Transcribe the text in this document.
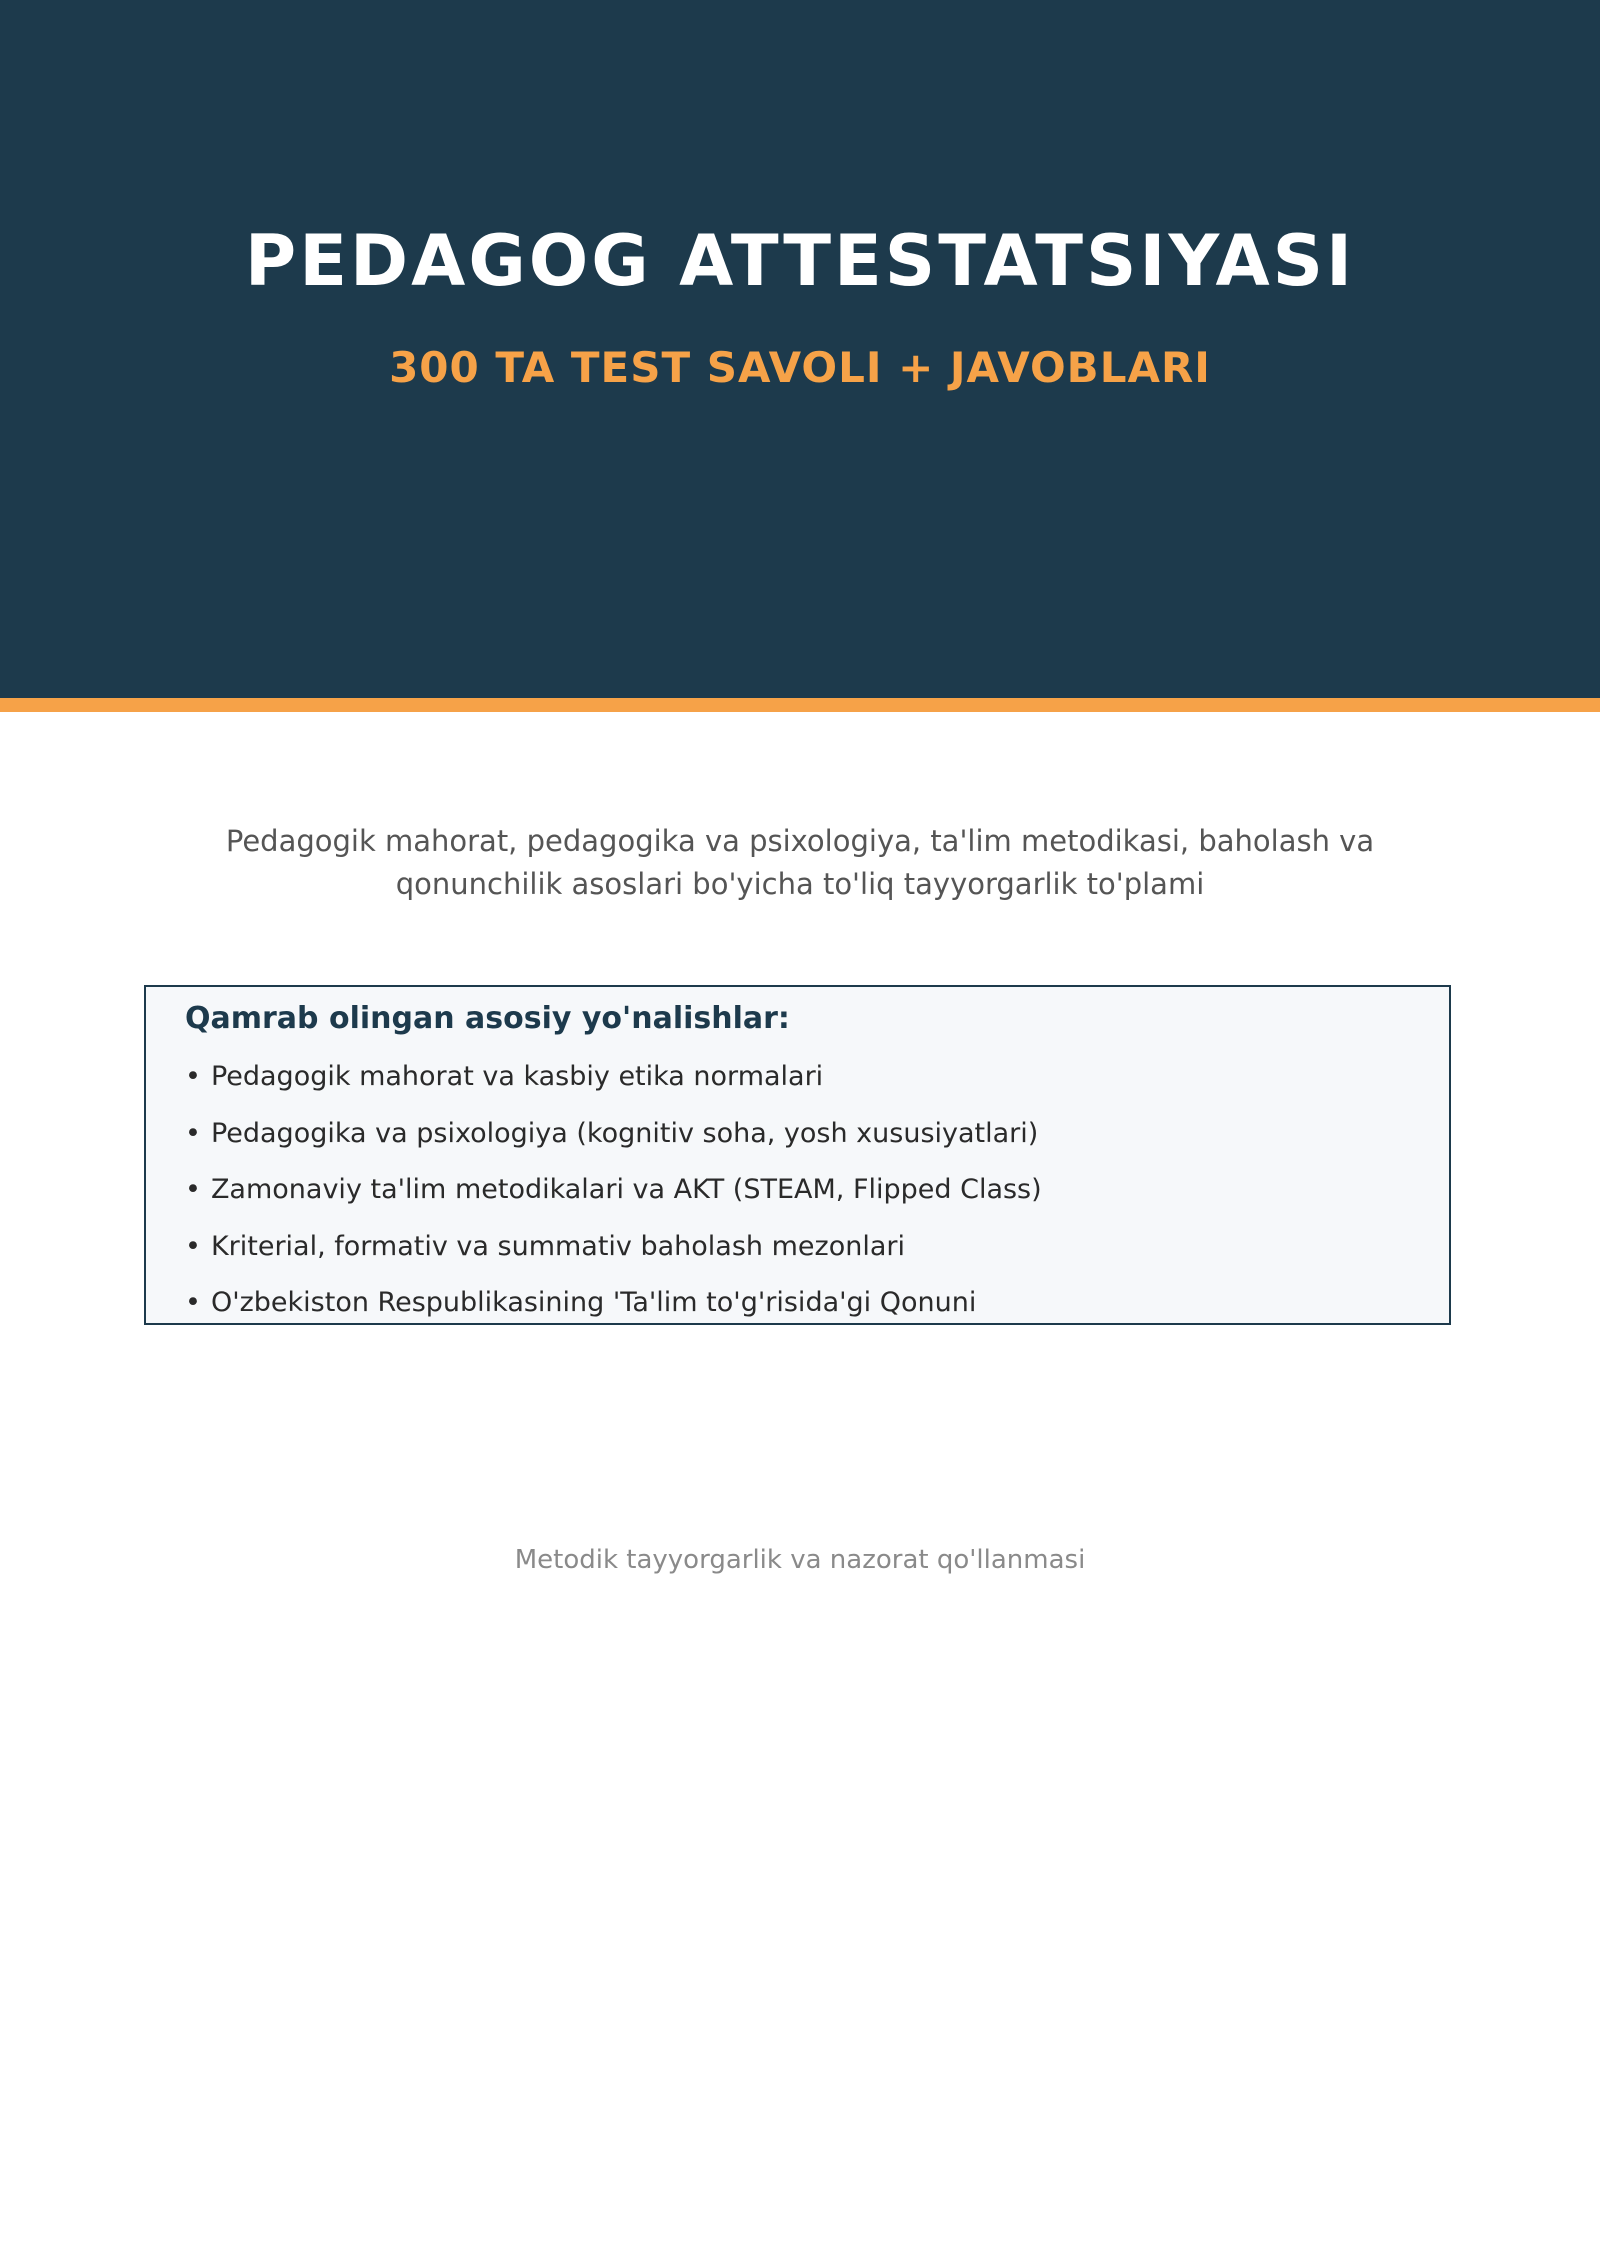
PEDAGOG ATTESTATSIYASI
300 TA TEST SAVOLI + JAVOBLARI
Pedagogik mahorat, pedagogika va psixologiya, ta'lim metodikasi, baholash va qonunchilik asoslari bo'yicha to'liq tayyorgarlik to'plami
Qamrab olingan asosiy yo'nalishlar:
• Pedagogik mahorat va kasbiy etika normalari
• Pedagogika va psixologiya (kognitiv soha, yosh xususiyatlari)
• Zamonaviy ta'lim metodikalari va AKT (STEAM, Flipped Class)
• Kriterial, formativ va summativ baholash mezonlari
• O'zbekiston Respublikasining 'Ta'lim to'g'risida'gi Qonuni
Metodik tayyorgarlik va nazorat qo'llanmasi
